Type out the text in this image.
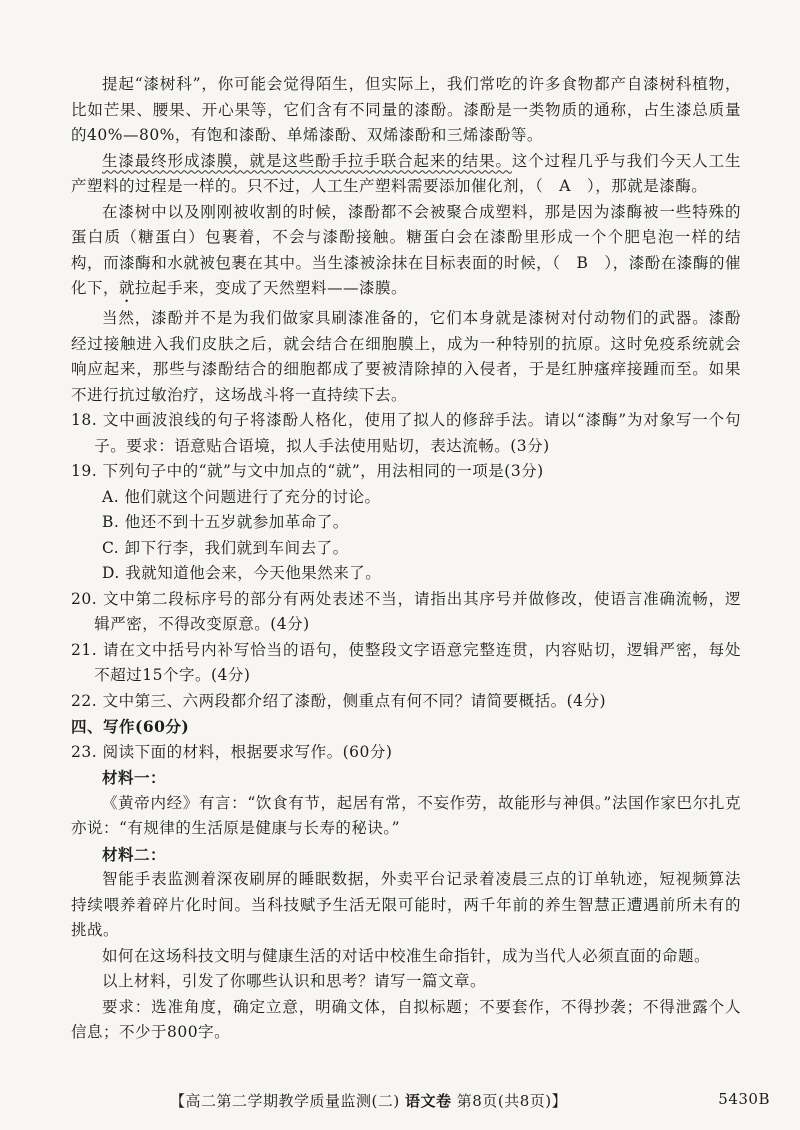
提起“漆树科”，你可能会觉得陌生，但实际上，我们常吃的许多食物都产自漆树科植物，比如芒果、腰果、开心果等，它们含有不同量的漆酚。漆酚是一类物质的通称，占生漆总质量的40%—80%，有饱和漆酚、单烯漆酚、双烯漆酚和三烯漆酚等。

生漆最终形成漆膜，就是这些酚手拉手联合起来的结果。这个过程几乎与我们今天人工生产塑料的过程是一样的。只不过，人工生产塑料需要添加催化剂，（　A　），那就是漆酶。

在漆树中以及刚刚被收割的时候，漆酚都不会被聚合成塑料，那是因为漆酶被一些特殊的蛋白质（糖蛋白）包裹着，不会与漆酚接触。糖蛋白会在漆酚里形成一个个肥皂泡一样的结构，而漆酶和水就被包裹在其中。当生漆被涂抹在目标表面的时候，（　B　），漆酚在漆酶的催化下，就拉起手来，变成了天然塑料——漆膜。

当然，漆酚并不是为我们做家具刷漆准备的，它们本身就是漆树对付动物们的武器。漆酚经过接触进入我们皮肤之后，就会结合在细胞膜上，成为一种特别的抗原。这时免疫系统就会响应起来，那些与漆酚结合的细胞都成了要被清除掉的入侵者，于是红肿瘙痒接踵而至。如果不进行抗过敏治疗，这场战斗将一直持续下去。

18. 文中画波浪线的句子将漆酚人格化，使用了拟人的修辞手法。请以“漆酶”为对象写一个句子。要求：语意贴合语境，拟人手法使用贴切，表达流畅。(3分)

19. 下列句子中的“就”与文中加点的“就”，用法相同的一项是(3分)

A. 他们就这个问题进行了充分的讨论。

B. 他还不到十五岁就参加革命了。

C. 卸下行李，我们就到车间去了。

D. 我就知道他会来，今天他果然来了。

20. 文中第二段标序号的部分有两处表述不当，请指出其序号并做修改，使语言准确流畅，逻辑严密，不得改变原意。(4分)

21. 请在文中括号内补写恰当的语句，使整段文字语意完整连贯，内容贴切，逻辑严密，每处不超过15个字。(4分)

22. 文中第三、六两段都介绍了漆酚，侧重点有何不同？请简要概括。(4分)

四、写作(60分)

23. 阅读下面的材料，根据要求写作。(60分)

材料一：

《黄帝内经》有言：“饮食有节，起居有常，不妄作劳，故能形与神俱。”法国作家巴尔扎克亦说：“有规律的生活原是健康与长寿的秘诀。”

材料二：

智能手表监测着深夜刷屏的睡眠数据，外卖平台记录着凌晨三点的订单轨迹，短视频算法持续喂养着碎片化时间。当科技赋予生活无限可能时，两千年前的养生智慧正遭遇前所未有的挑战。

如何在这场科技文明与健康生活的对话中校准生命指针，成为当代人必须直面的命题。

以上材料，引发了你哪些认识和思考？请写一篇文章。

要求：选准角度，确定立意，明确文体，自拟标题；不要套作，不得抄袭；不得泄露个人信息；不少于800字。

【高二第二学期教学质量监测(二) 语文卷 第8页(共8页)】	5430B
